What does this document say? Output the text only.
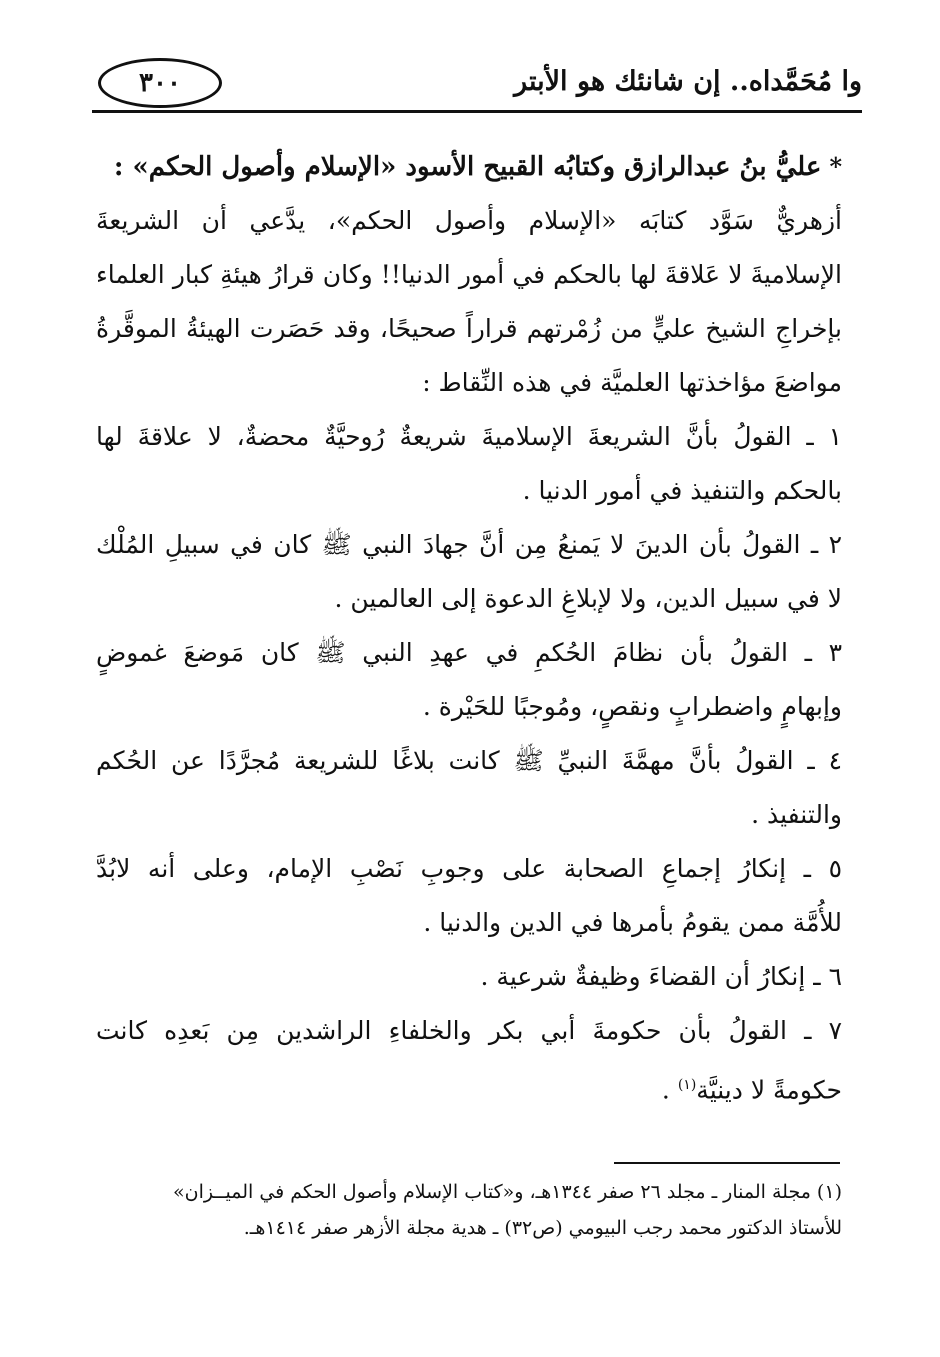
٣٠٠	وا مُحَمَّداه.. إن شانئك هو الأبتر
*عليُّ بنُ عبدالرازق وكتابُه القبيح الأسود «الإسلام وأصول الحكم» :
أزهريٌّ سَوَّد كتابَه «الإسلام وأصول الحكم»، يدَّعي أن الشريعةَ
الإسلاميةَ لا عَلاقةَ لها بالحكم في أمور الدنيا!! وكان قرارُ هيئةِ كبار العلماء
بإخراجِ الشيخ عليٍّ من زُمْرتهم قراراً صحيحًا، وقد حَصَرت الهيئةُ الموقَّرةُ
مواضعَ مؤاخذتها العلميَّة في هذه النِّقاط :
١ ـ القولُ بأنَّ الشريعةَ الإسلاميةَ شريعةٌ رُوحيَّةٌ محضةٌ، لا علاقةَ لها
بالحكم والتنفيذ في أمور الدنيا .
٢ ـ القولُ بأن الدينَ لا يَمنعُ مِن أنَّ جهادَ النبي ﷺ كان في سبيلِ المُلْك
لا في سبيل الدين، ولا لإبلاغِ الدعوة إلى العالمين .
٣ ـ القولُ بأن نظامَ الحُكمِ في عهدِ النبي ﷺ كان مَوضعَ غموضٍ
وإبهامٍ واضطرابٍ ونقصٍ، ومُوجبًا للحَيْرة .
٤ ـ القولُ بأنَّ مهمَّةَ النبيِّ ﷺ كانت بلاغًا للشريعة مُجرَّدًا عن الحُكم
والتنفيذ .
٥ ـ إنكارُ إجماعِ الصحابة على وجوبِ نَصْبِ الإمام، وعلى أنه لابُدَّ
للأُمَّة ممن يقومُ بأمرها في الدين والدنيا .
٦ ـ إنكارُ أن القضاءَ وظيفةٌ شرعية .
٧ ـ القولُ بأن حكومةَ أبي بكر والخلفاءِ الراشدين مِن بَعدِه كانت
حكومةً لا دينيَّة$^{(١)}$ .
(١) مجلة المنار ـ مجلد ٢٦ صفر ١٣٤٤هـ، و«كتاب الإسلام وأصول الحكم في الميــزان»
للأستاذ الدكتور محمد رجب البيومي (ص٣٢) ـ هدية مجلة الأزهر صفر ١٤١٤هـ.
